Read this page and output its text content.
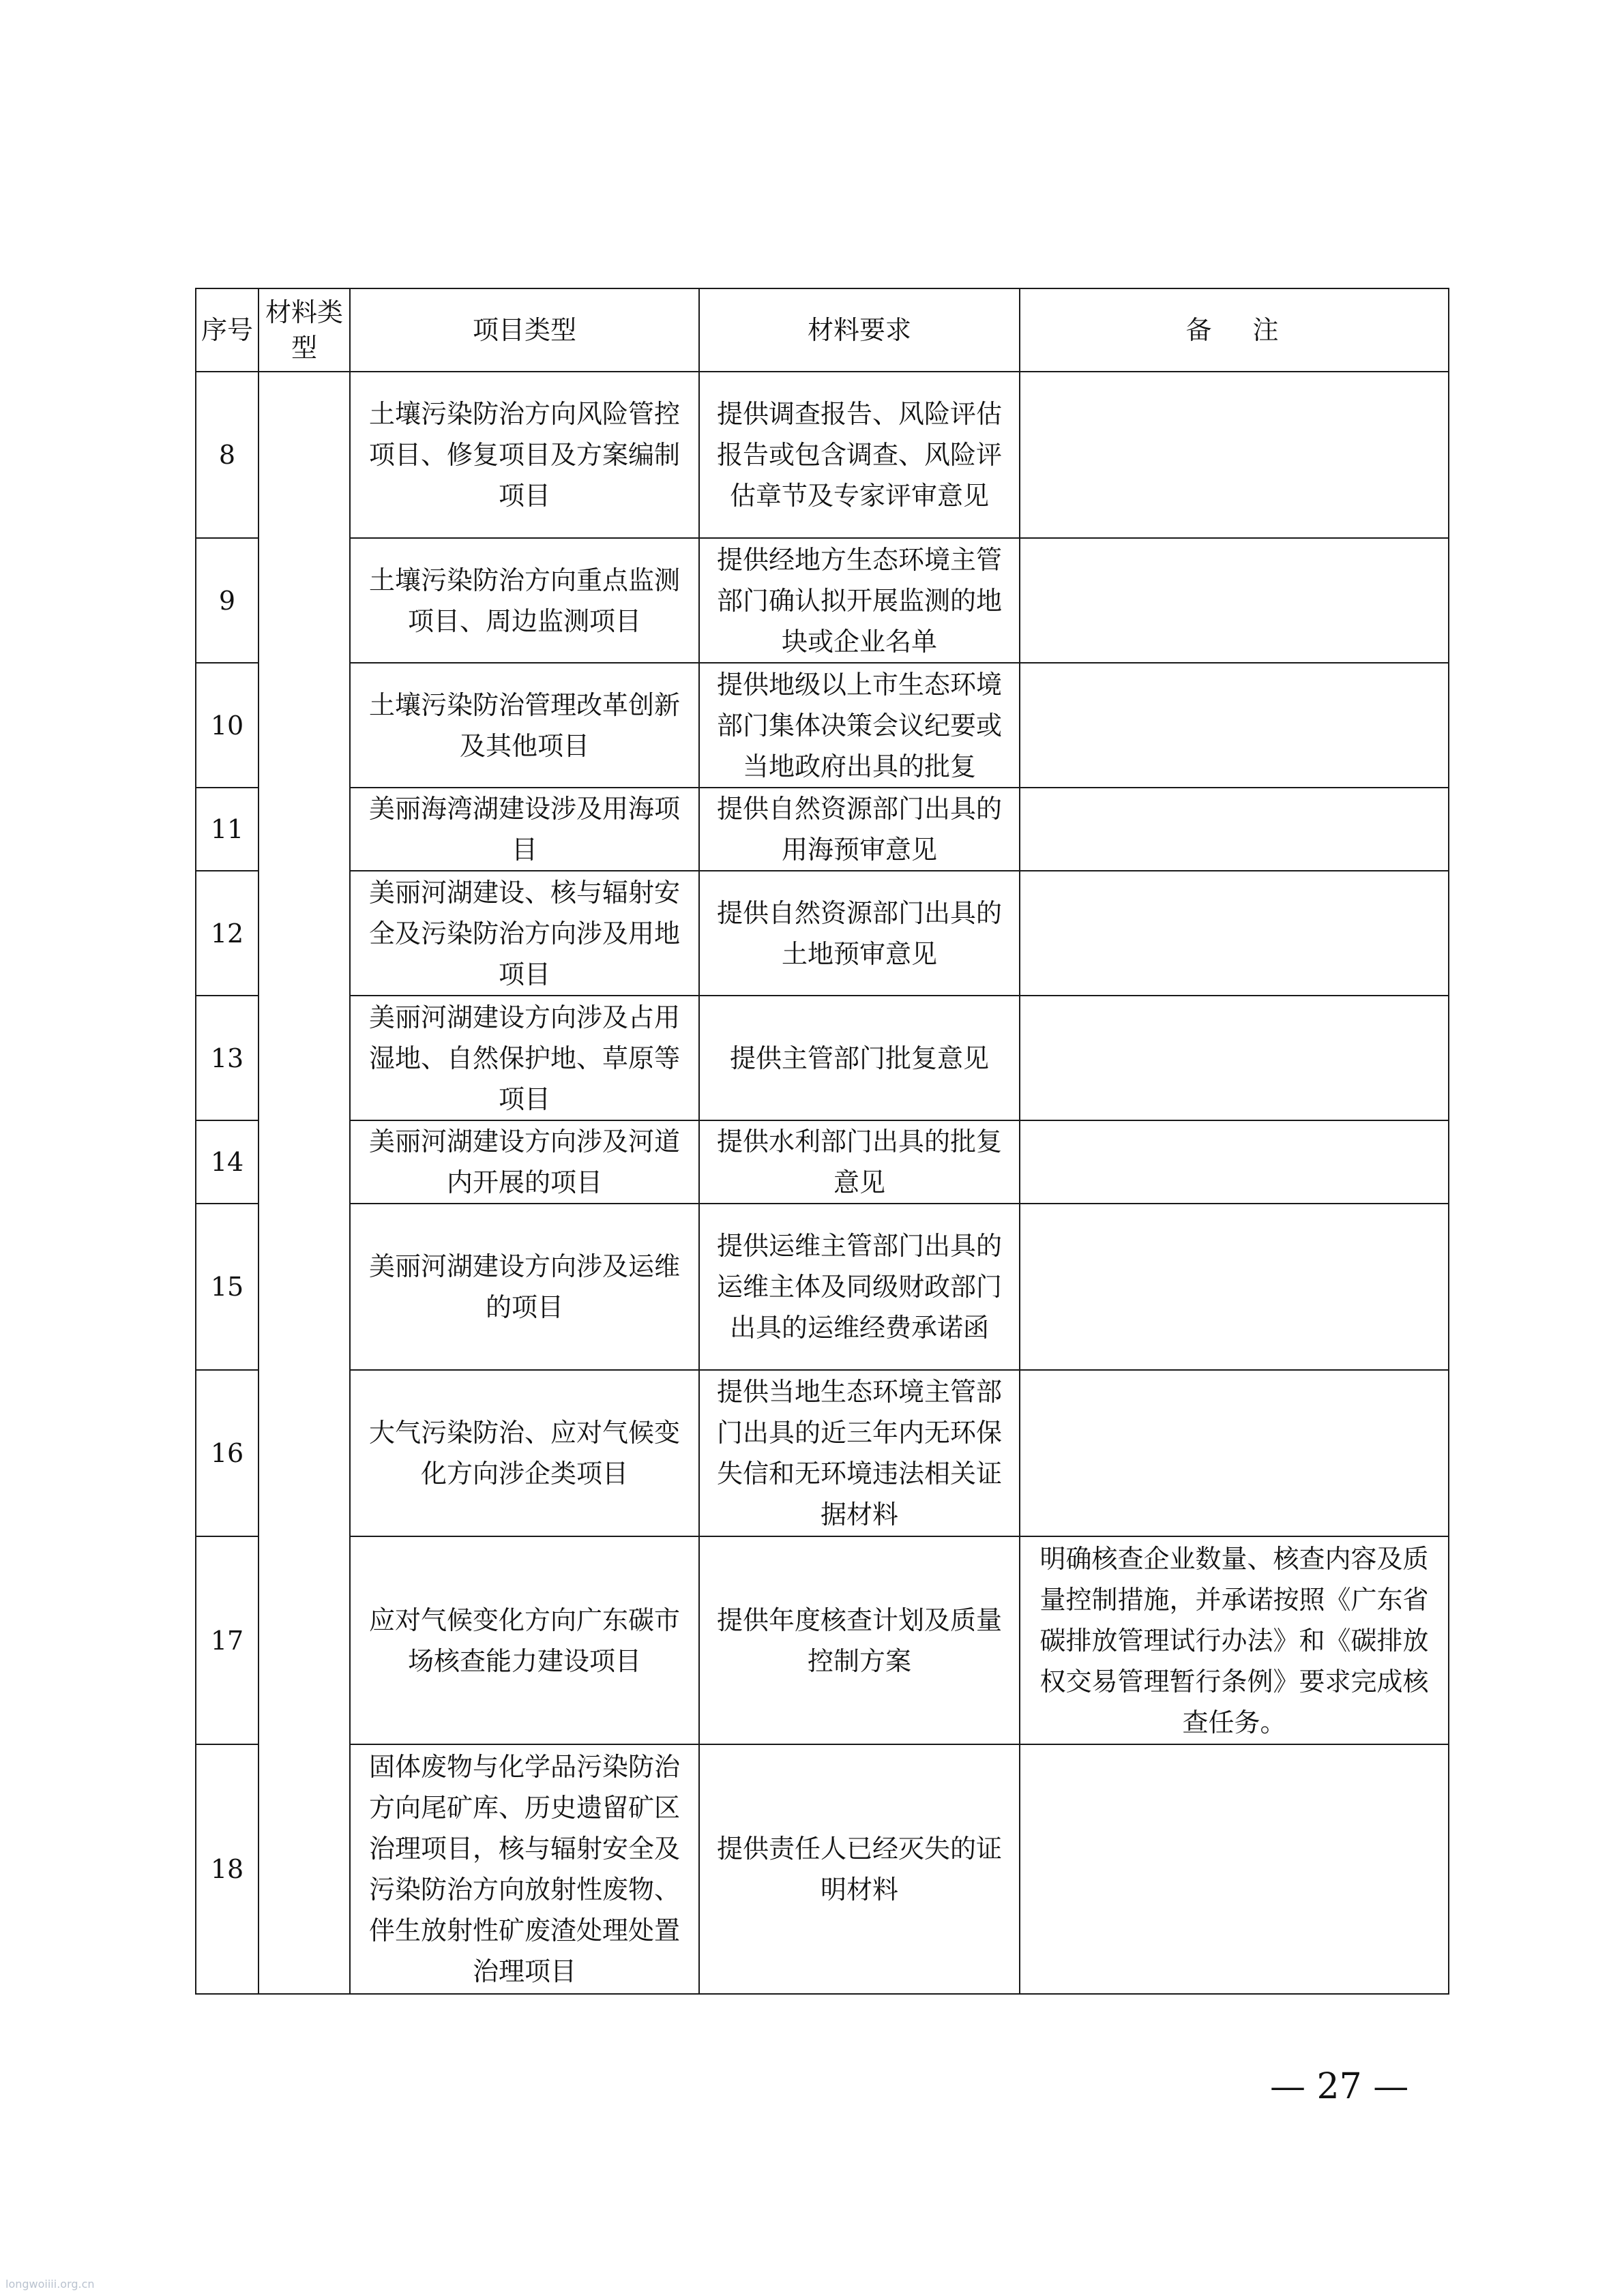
序号	材料类型	项目类型	材料要求	备注
8		土壤污染防治方向风险管控项目、修复项目及方案编制项目	提供调查报告、风险评估报告或包含调查、风险评估章节及专家评审意见	
9		土壤污染防治方向重点监测项目、周边监测项目	提供经地方生态环境主管部门确认拟开展监测的地块或企业名单	
10		土壤污染防治管理改革创新及其他项目	提供地级以上市生态环境部门集体决策会议纪要或当地政府出具的批复	
11		美丽海湾湖建设涉及用海项目	提供自然资源部门出具的用海预审意见	
12		美丽河湖建设、核与辐射安全及污染防治方向涉及用地项目	提供自然资源部门出具的土地预审意见	
13		美丽河湖建设方向涉及占用湿地、自然保护地、草原等项目	提供主管部门批复意见	
14		美丽河湖建设方向涉及河道内开展的项目	提供水利部门出具的批复意见	
15		美丽河湖建设方向涉及运维的项目	提供运维主管部门出具的运维主体及同级财政部门出具的运维经费承诺函	
16		大气污染防治、应对气候变化方向涉企类项目	提供当地生态环境主管部门出具的近三年内无环保失信和无环境违法相关证据材料	
17		应对气候变化方向广东碳市场核查能力建设项目	提供年度核查计划及质量控制方案	明确核查企业数量、核查内容及质量控制措施，并承诺按照《广东省碳排放管理试行办法》和《碳排放权交易管理暂行条例》要求完成核查任务。
18		固体废物与化学品污染防治方向尾矿库、历史遗留矿区治理项目，核与辐射安全及污染防治方向放射性废物、伴生放射性矿废渣处理处置治理项目	提供责任人已经灭失的证明材料	
— 27 —
longwoiiii.org.cn
